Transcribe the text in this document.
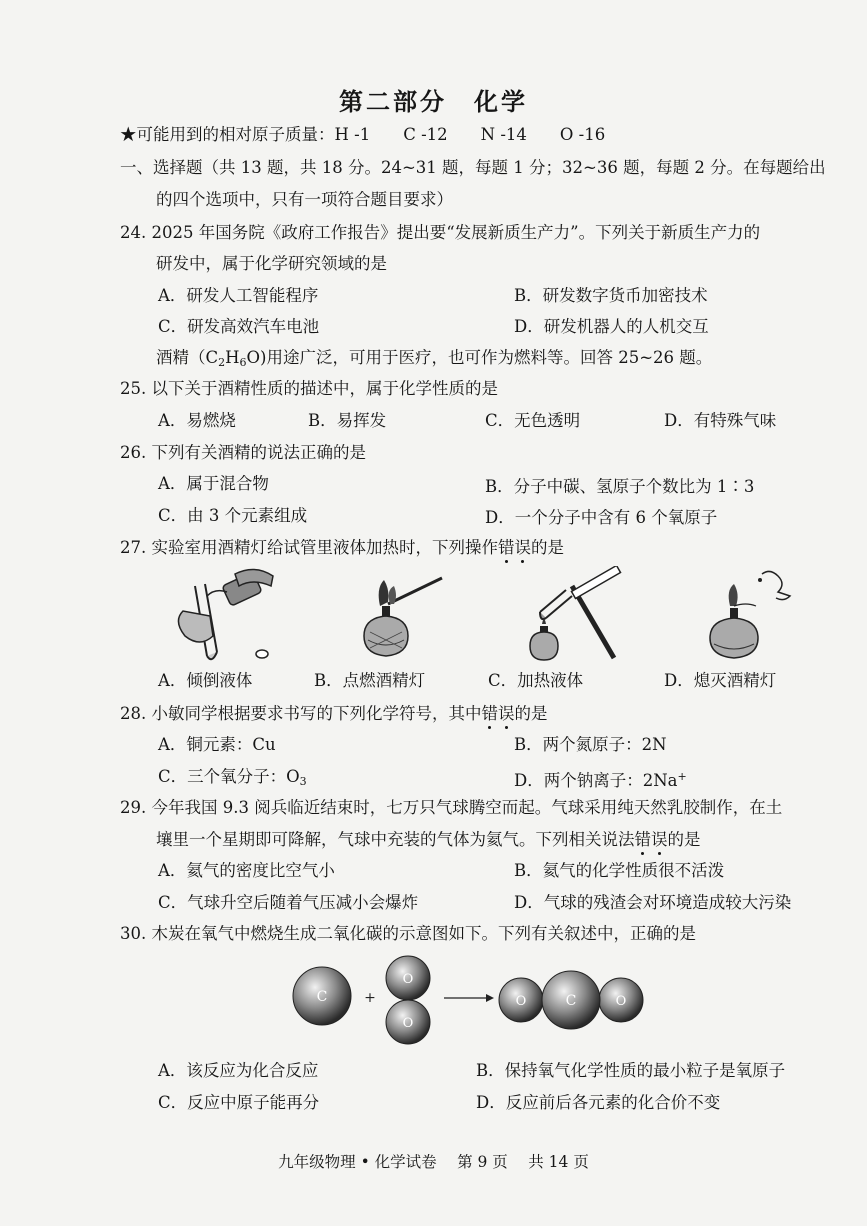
第二部分　化学
★可能用到的相对原子质量：H -1　　C -12　　N -14　　O -16
一、选择题（共 13 题，共 18 分。24~31 题，每题 1 分；32~36 题，每题 2 分。在每题给出
的四个选项中，只有一项符合题目要求）
24. 2025 年国务院《政府工作报告》提出要“发展新质生产力”。下列关于新质生产力的
研发中，属于化学研究领域的是
A．研发人工智能程序	B．研发数字货币加密技术
C．研发高效汽车电池	D．研发机器人的人机交互
酒精$(C_2H_6O)$用途广泛，可用于医疗，也可作为燃料等。回答 25~26 题。
25. 以下关于酒精性质的描述中，属于化学性质的是
A．易燃烧	B．易挥发	C．无色透明	D．有特殊气味
26. 下列有关酒精的说法正确的是
A．属于混合物	B．分子中碳、氢原子个数比为 1∶3
C．由 3 个元素组成	D．一个分子中含有 6 个氧原子
27. 实验室用酒精灯给试管里液体加热时，下列操作错误的是
A．倾倒液体	B．点燃酒精灯	C．加热液体	D．熄灭酒精灯
28. 小敏同学根据要求书写的下列化学符号，其中错误的是
A．铜元素：Cu	B．两个氮原子：2N
C．三个氧分子：$O_3$	D．两个钠离子：2Na+
29. 今年我国 9.3 阅兵临近结束时，七万只气球腾空而起。气球采用纯天然乳胶制作，在土
壤里一个星期即可降解，气球中充装的气体为氦气。下列相关说法错误的是
A．氦气的密度比空气小	B．氦气的化学性质很不活泼
C．气球升空后随着气压减小会爆炸	D．气球的残渣会对环境造成较大污染
30. 木炭在氧气中燃烧生成二氧化碳的示意图如下。下列有关叙述中，正确的是
C	+
O
O
O	C	O
A．该反应为化合反应	B．保持氧气化学性质的最小粒子是氧原子
C．反应中原子能再分	D．反应前后各元素的化合价不变
九年级物理 • 化学试卷　 第 9 页　 共 14 页
